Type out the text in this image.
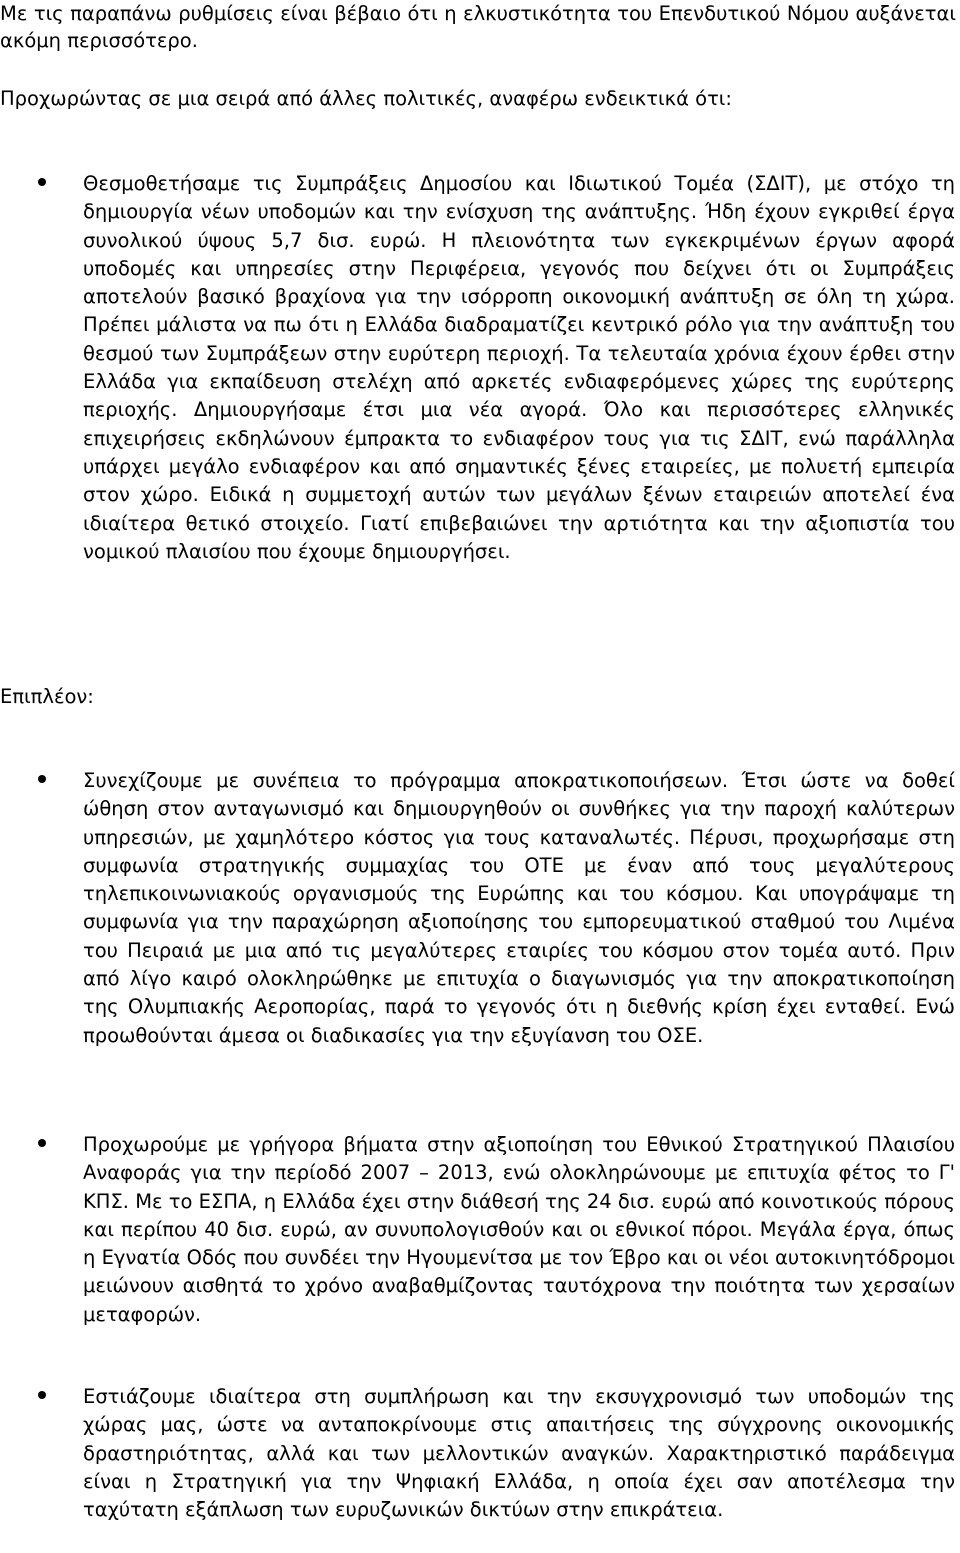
Με τις παραπάνω ρυθμίσεις είναι βέβαιο ότι η ελκυστικότητα του Επενδυτικού Νόμου αυξάνεται ακόμη περισσότερο.

Προχωρώντας σε μια σειρά από άλλες πολιτικές, αναφέρω ενδεικτικά ότι:

Θεσμοθετήσαμε τις Συμπράξεις Δημοσίου και Ιδιωτικού Τομέα (ΣΔΙΤ), με στόχο τη δημιουργία νέων υποδομών και την ενίσχυση της ανάπτυξης. Ήδη έχουν εγκριθεί έργα συνολικού ύψους 5,7 δισ. ευρώ. Η πλειονότητα των εγκεκριμένων έργων αφορά υποδομές και υπηρεσίες στην Περιφέρεια, γεγονός που δείχνει ότι οι Συμπράξεις αποτελούν βασικό βραχίονα για την ισόρροπη οικονομική ανάπτυξη σε όλη τη χώρα. Πρέπει μάλιστα να πω ότι η Ελλάδα διαδραματίζει κεντρικό ρόλο για την ανάπτυξη του θεσμού των Συμπράξεων στην ευρύτερη περιοχή. Τα τελευταία χρόνια έχουν έρθει στην Ελλάδα για εκπαίδευση στελέχη από αρκετές ενδιαφερόμενες χώρες της ευρύτερης περιοχής. Δημιουργήσαμε έτσι μια νέα αγορά. Όλο και περισσότερες ελληνικές επιχειρήσεις εκδηλώνουν έμπρακτα το ενδιαφέρον τους για τις ΣΔΙΤ, ενώ παράλληλα υπάρχει μεγάλο ενδιαφέρον και από σημαντικές ξένες εταιρείες, με πολυετή εμπειρία στον χώρο. Ειδικά η συμμετοχή αυτών των μεγάλων ξένων εταιρειών αποτελεί ένα ιδιαίτερα θετικό στοιχείο. Γιατί επιβεβαιώνει την αρτιότητα και την αξιοπιστία του νομικού πλαισίου που έχουμε δημιουργήσει.

Επιπλέον:

Συνεχίζουμε με συνέπεια το πρόγραμμα αποκρατικοποιήσεων. Έτσι ώστε να δοθεί ώθηση στον ανταγωνισμό και δημιουργηθούν οι συνθήκες για την παροχή καλύτερων υπηρεσιών, με χαμηλότερο κόστος για τους καταναλωτές. Πέρυσι, προχωρήσαμε στη συμφωνία στρατηγικής συμμαχίας του ΟΤΕ με έναν από τους μεγαλύτερους τηλεπικοινωνιακούς οργανισμούς της Ευρώπης και του κόσμου. Και υπογράψαμε τη συμφωνία για την παραχώρηση αξιοποίησης του εμπορευματικού σταθμού του Λιμένα του Πειραιά με μια από τις μεγαλύτερες εταιρίες του κόσμου στον τομέα αυτό. Πριν από λίγο καιρό ολοκληρώθηκε με επιτυχία ο διαγωνισμός για την αποκρατικοποίηση της Ολυμπιακής Αεροπορίας, παρά το γεγονός ότι η διεθνής κρίση έχει ενταθεί. Ενώ προωθούνται άμεσα οι διαδικασίες για την εξυγίανση του ΟΣΕ.

Προχωρούμε με γρήγορα βήματα στην αξιοποίηση του Εθνικού Στρατηγικού Πλαισίου Αναφοράς για την περίοδό 2007 – 2013, ενώ ολοκληρώνουμε με επιτυχία φέτος το Γ' ΚΠΣ. Με το ΕΣΠΑ, η Ελλάδα έχει στην διάθεσή της 24 δισ. ευρώ από κοινοτικούς πόρους και περίπου 40 δισ. ευρώ, αν συνυπολογισθούν και οι εθνικοί πόροι. Μεγάλα έργα, όπως η Εγνατία Οδός που συνδέει την Ηγουμενίτσα με τον Έβρο και οι νέοι αυτοκινητόδρομοι μειώνουν αισθητά το χρόνο αναβαθμίζοντας ταυτόχρονα την ποιότητα των χερσαίων μεταφορών.

Εστιάζουμε ιδιαίτερα στη συμπλήρωση και την εκσυγχρονισμό των υποδομών της χώρας μας, ώστε να ανταποκρίνουμε στις απαιτήσεις της σύγχρονης οικονομικής δραστηριότητας, αλλά και των μελλοντικών αναγκών. Χαρακτηριστικό παράδειγμα είναι η Στρατηγική για την Ψηφιακή Ελλάδα, η οποία έχει σαν αποτέλεσμα την ταχύτατη εξάπλωση των ευρυζωνικών δικτύων στην επικράτεια.
